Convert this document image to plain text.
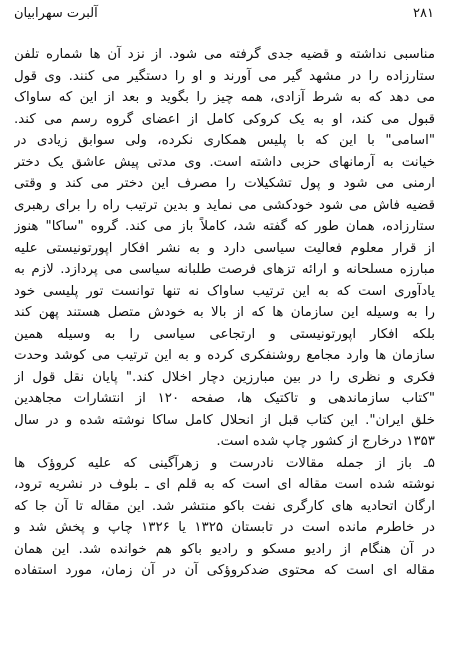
۲۸۱
آلبرت سهرابیان
مناسبی نداشته و قضیه جدی گرفته می شود. از نزد آن ها شماره تلفن
ستارزاده را در مشهد گیر می آورند و او را دستگیر می کنند. وی قول
می دهد که به شرط آزادی، همه چیز را بگوید و بعد از این که ساواک
قبول می کند، او به یک کروکی کامل از اعضای گروه رسم می کند.
"اسامی" با این که با پلیس همکاری نکرده، ولی سوابق زیادی در
خیانت به آرمانهای حزبی داشته است. وی مدتی پیش عاشق یک دختر
ارمنی می شود و پول تشکیلات را مصرف این دختر می کند و وقتی
قضیه فاش می شود خودکشی می نماید و بدین ترتیب راه را برای رهبری
ستارزاده، همان طور که گفته شد، کاملاً باز می کند. گروه "ساکا" هنوز
از قرار معلوم فعالیت سیاسی دارد و به نشر افکار اپورتونیستی علیه
مبارزه مسلحانه و ارائه تزهای فرصت طلبانه سیاسی می پردازد. لازم به
یادآوری است که به این ترتیب ساواک نه تنها توانست تور پلیسی خود
را به وسیله این سازمان ها که از بالا به خودش متصل هستند پهن کند
بلکه افکار اپورتونیستی و ارتجاعی سیاسی را به وسیله همین
سازمان ها وارد مجامع روشنفکری کرده و به این ترتیب می کوشد وحدت
فکری و نظری را در بین مبارزین دچار اخلال کند." پایان نقل قول از
"کتاب سازماندهی و تاکتیک ها، صفحه ۱۲۰ از انتشارات مجاهدین
خلق ایران". این کتاب قبل از انحلال کامل ساکا نوشته شده و در سال
۱۳۵۳ درخارج از کشور چاپ شده است.
۵ـ باز از جمله مقالات نادرست و زهرآگینی که علیه کروؤک ها
نوشته شده است مقاله ای است که به قلم ای ـ بلوف در نشریه ترود،
ارگان اتحادیه های کارگری نفت باکو منتشر شد. این مقاله تا آن جا که
در خاطرم مانده است در تابستان ۱۳۲۵ یا ۱۳۲۶ چاپ و پخش شد و
در آن هنگام از رادیو مسکو و رادیو باکو هم خوانده شد. این همان
مقاله ای است که محتوی ضدکروؤکی آن در آن زمان، مورد استفاده
